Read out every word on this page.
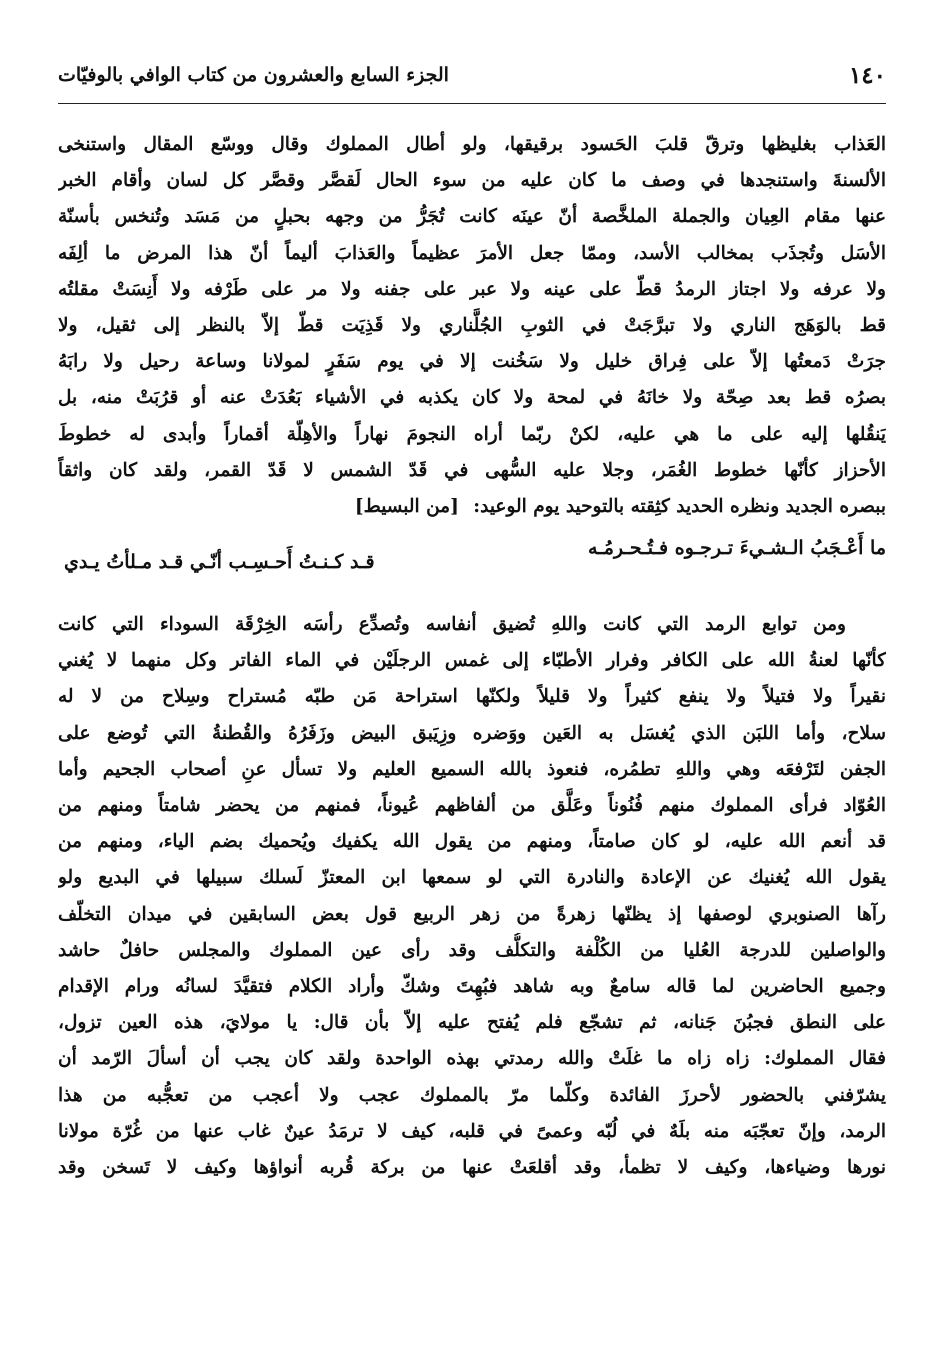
١٤٠
الجزء السابع والعشرون من كتاب الوافي بالوفيّات
العَذاب بغليظها وترقّ قلبَ الحَسود برقيقها، ولو أطال المملوك وقال ووسّع المقال واستنخى
الألسنةَ واستنجدها في وصف ما كان عليه من سوء الحال لَقصَّر وقصَّر كل لسان وأقام الخبر
عنها مقام العِيان والجملة الملخَّصة أنّ عينَه كانت تُجَرُّ من وجهه بحبلٍ من مَسَد وتُنخس بأسنّة
الأسَل وتُجذَب بمخالب الأسد، وممّا جعل الأمرَ عظيماً والعَذابَ أليماً أنّ هذا المرض ما ألِفَه
ولا عرفه ولا اجتاز الرمدُ قطّ على عينه ولا عبر على جفنه ولا مر على طَرْفه ولا أَنِسَتْ مقلتُه
قط بالوَهَج الناري ولا تبرَّجَتْ في الثوبِ الجُلَّناري ولا قَذِيَت قطّ إلاّ بالنظر إلى ثقيل، ولا
جرَتْ دَمعتُها إلاّ على فِراق خليل ولا سَخُنت إلا في يوم سَفَرٍ لمولانا وساعة رحيل ولا رابَهُ
بصرُه قط بعد صِحّة ولا خانَهُ في لمحة ولا كان يكذبه في الأشياء بَعُدَتْ عنه أو قرُبَتْ منه، بل
يَنقُلها إليه على ما هي عليه، لكنْ ربّما أراه النجومَ نهاراً والأهِلّة أقماراً وأبدى له خطوطَ
الأحزاز كأنّها خطوط الغُمَر، وجلا عليه السُّهى في قَدّ الشمس لا قَدّ القمر، ولقد كان واثقاً
ببصره الجديد ونظره الحديد كثِقته بالتوحيد يوم الوعيد: [من البسيط]
ما أَعْـجَبُ الـشـيءَ تـرجـوه فـتُـحـرمُـه
قـد كـنـتُ أَحـسِـب أنّـي قـد مـلأتُ يـدي
ومن توابع الرمد التي كانت واللهِ تُضيق أنفاسه وتُصدِّع رأسَه الخِرْقَة السوداء التي كانت
كأنّها لعنةُ الله على الكافر وفرار الأطبّاء إلى غمس الرجلَيْن في الماء الفاتر وكل منهما لا يُغني
نقيراً ولا فتيلاً ولا ينفع كثيراً ولا قليلاً ولكنّها استراحة مَن طبّه مُستراح وسِلاح من لا له
سلاح، وأما اللبَن الذي يُغسَل به العَين ووَضره وزِيَبق البيض وزَفَرُهُ والقُطنةُ التي تُوضع على
الجفن لتَرْفعَه وهي واللهِ تطمُره، فنعوذ بالله السميع العليم ولا تسأل عنِ أصحاب الجحيم وأما
العُوّاد فرأى المملوك منهم فُنُوناً وعَلَّق من ألفاظهم عُيوناً، فمنهم من يحضر شامتاً ومنهم من
قد أنعم الله عليه، لو كان صامتاً، ومنهم من يقول الله يكفيك ويُحميك بضم الياء، ومنهم من
يقول الله يُغنيك عن الإعادة والنادرة التي لو سمعها ابن المعتزّ لَسلك سبيلها في البديع ولو
رآها الصنوبري لوصفها إذ يظنّها زهرةً من زهر الربيع قول بعض السابقين في ميدان التخلّف
والواصلين للدرجة العُليا من الكُلْفة والتكلُّف وقد رأى عين المملوك والمجلس حافلٌ حاشد
وجميع الحاضرين لما قاله سامعٌ وبه شاهد فبُهِتَ وشكّ وأراد الكلام فتقيَّدَ لسانُه ورام الإقدام
على النطق فجبُنَ جَنانه، ثم تشجّع فلم يُفتح عليه إلاّ بأن قال: يا مولايَ، هذه العين تزول،
فقال المملوك: زاه زاه ما غلَتْ والله رمدتي بهذه الواحدة ولقد كان يجب أن أسألَ الرّمد أن
يشرّفني بالحضور لأحرزَ الفائدة وكلّما مرّ بالمملوك عجب ولا أعجب من تعجُّبه من هذا
الرمد، وإنّ تعجّبَه منه بلَهٌ في لُبّه وعمىً في قلبه، كيف لا ترمَدُ عينٌ غاب عنها من غُرّة مولانا
نورها وضياءها، وكيف لا تظمأ، وقد أقلعَتْ عنها من بركة قُربه أنواؤها وكيف لا تَسخن وقد
